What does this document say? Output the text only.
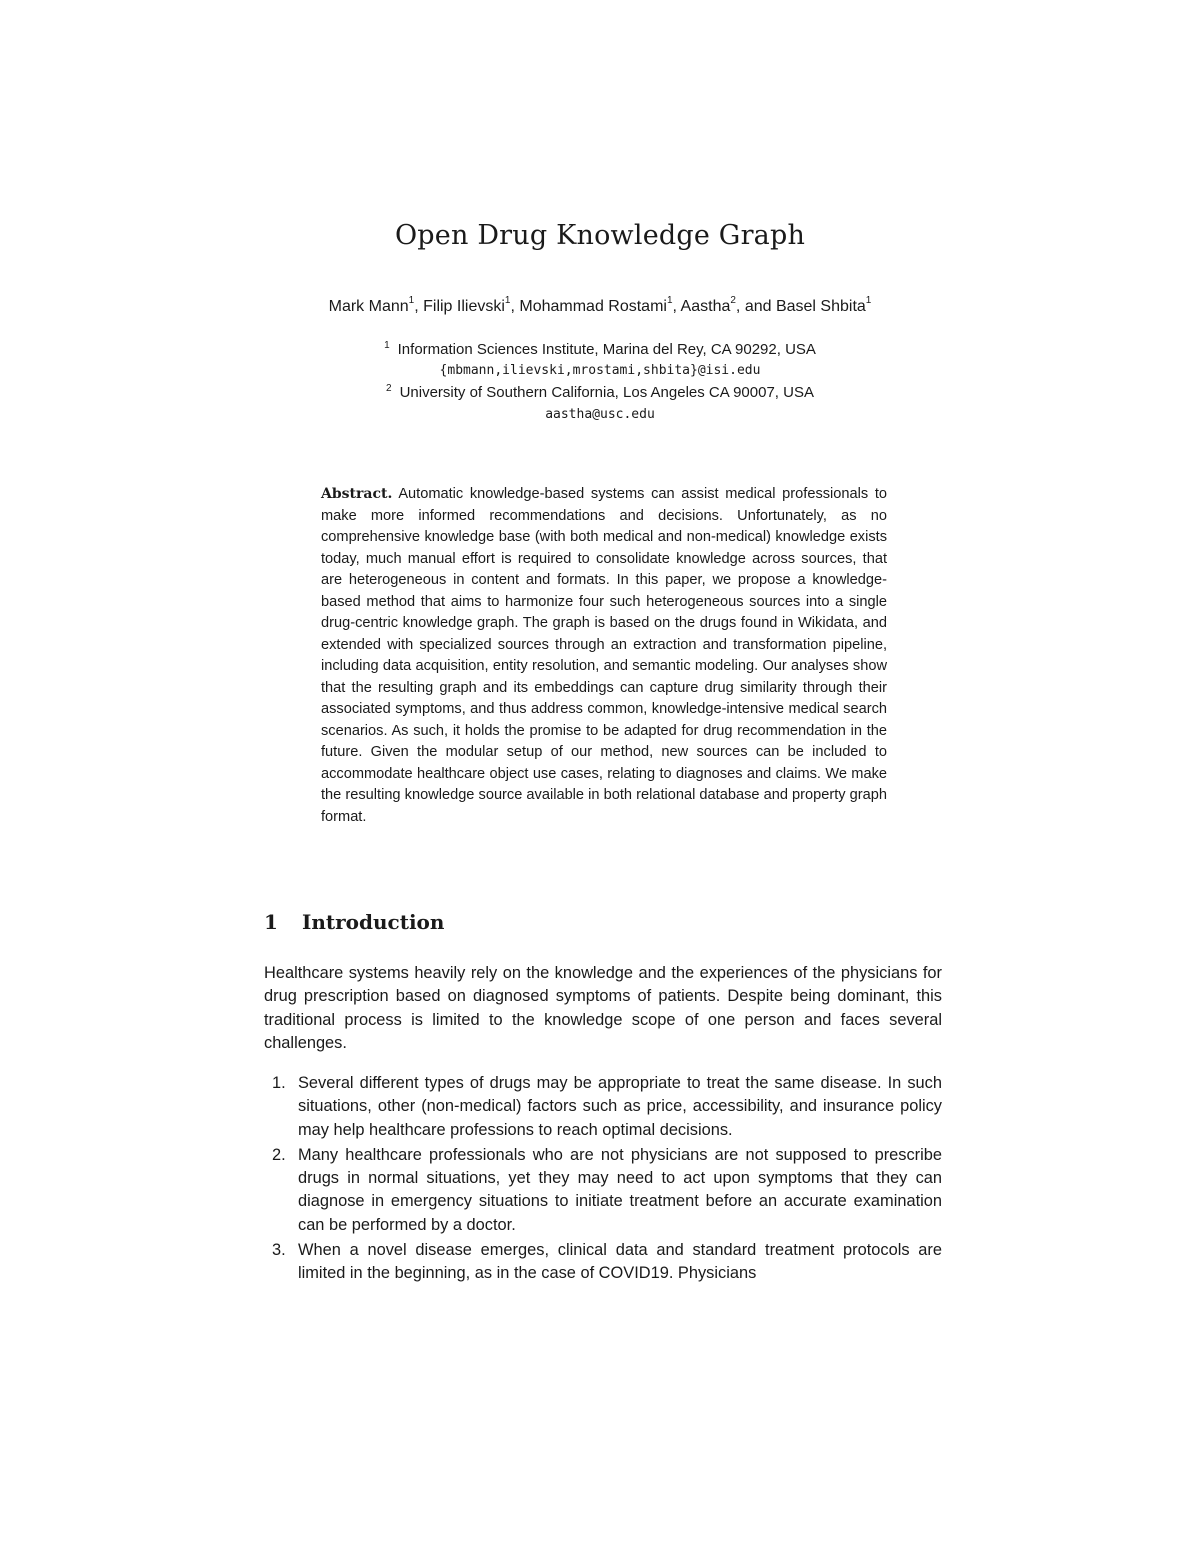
Open Drug Knowledge Graph
Mark Mann$^1$, Filip Ilievski$^1$, Mohammad Rostami$^1$, Aastha$^2$, and Basel Shbita$^1$
$^1$ Information Sciences Institute, Marina del Rey, CA 90292, USA
{mbmann,ilievski,mrostami,shbita}@isi.edu
$^2$ University of Southern California, Los Angeles CA 90007, USA
aastha@usc.edu
Abstract. Automatic knowledge-based systems can assist medical professionals to make more informed recommendations and decisions. Unfortunately, as no comprehensive knowledge base (with both medical and non-medical) knowledge exists today, much manual effort is required to consolidate knowledge across sources, that are heterogeneous in content and formats. In this paper, we propose a knowledge-based method that aims to harmonize four such heterogeneous sources into a single drug-centric knowledge graph. The graph is based on the drugs found in Wikidata, and extended with specialized sources through an extraction and transformation pipeline, including data acquisition, entity resolution, and semantic modeling. Our analyses show that the resulting graph and its embeddings can capture drug similarity through their associated symptoms, and thus address common, knowledge-intensive medical search scenarios. As such, it holds the promise to be adapted for drug recommendation in the future. Given the modular setup of our method, new sources can be included to accommodate healthcare object use cases, relating to diagnoses and claims. We make the resulting knowledge source available in both relational database and property graph format.
1 Introduction
Healthcare systems heavily rely on the knowledge and the experiences of the physicians for drug prescription based on diagnosed symptoms of patients. Despite being dominant, this traditional process is limited to the knowledge scope of one person and faces several challenges.
1. Several different types of drugs may be appropriate to treat the same disease. In such situations, other (non-medical) factors such as price, accessibility, and insurance policy may help healthcare professions to reach optimal decisions.
2. Many healthcare professionals who are not physicians are not supposed to prescribe drugs in normal situations, yet they may need to act upon symptoms that they can diagnose in emergency situations to initiate treatment before an accurate examination can be performed by a doctor.
3. When a novel disease emerges, clinical data and standard treatment protocols are limited in the beginning, as in the case of COVID19. Physicians
